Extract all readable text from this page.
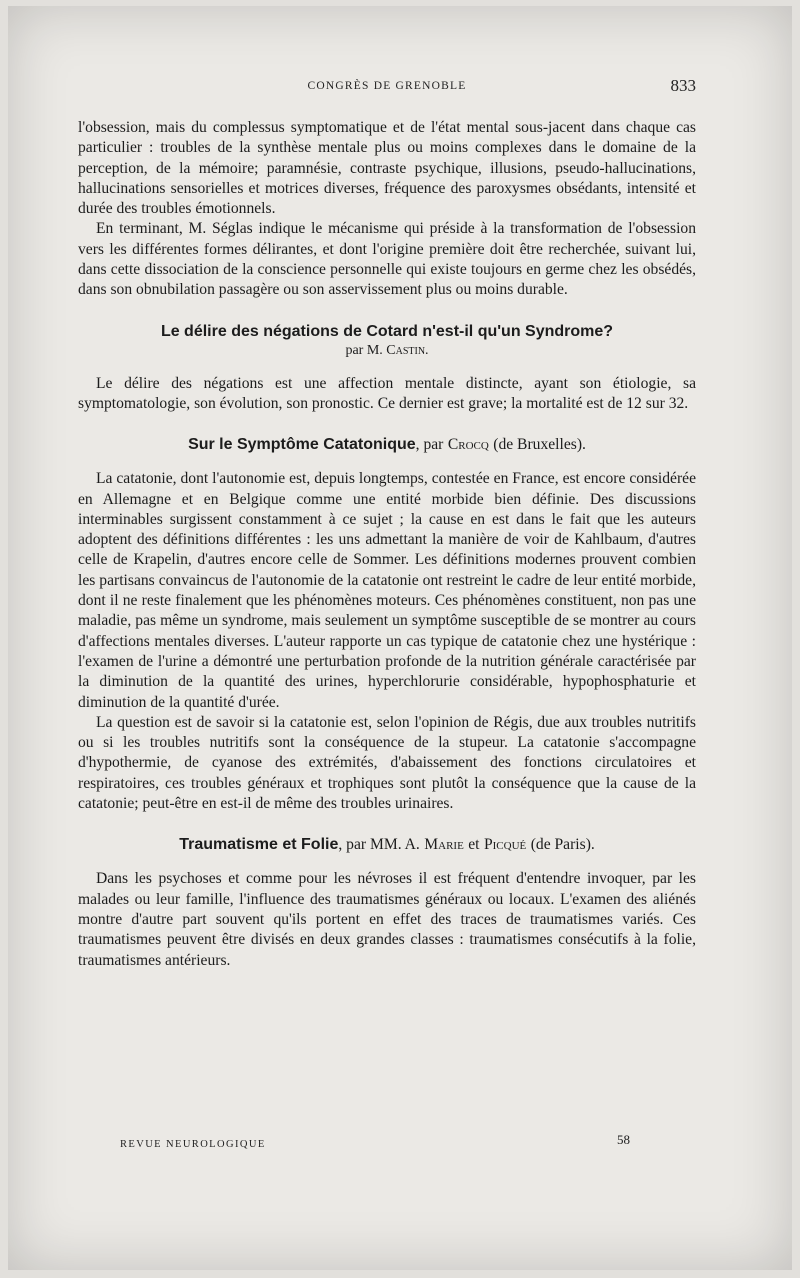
CONGRÈS DE GRENOBLE	833

l'obsession, mais du complessus symptomatique et de l'état mental sous-jacent dans chaque cas particulier : troubles de la synthèse mentale plus ou moins complexes dans le domaine de la perception, de la mémoire; paramnésie, contraste psychique, illusions, pseudo-hallucinations, hallucinations sensorielles et motrices diverses, fréquence des paroxysmes obsédants, intensité et durée des troubles émotionnels.

En terminant, M. Séglas indique le mécanisme qui préside à la transformation de l'obsession vers les différentes formes délirantes, et dont l'origine première doit être recherchée, suivant lui, dans cette dissociation de la conscience personnelle qui existe toujours en germe chez les obsédés, dans son obnubilation passagère ou son asservissement plus ou moins durable.

Le délire des négations de Cotard n'est-il qu'un Syndrome?
par M. Castin.

Le délire des négations est une affection mentale distincte, ayant son étiologie, sa symptomatologie, son évolution, son pronostic. Ce dernier est grave; la mortalité est de 12 sur 32.

Sur le Symptôme Catatonique, par Crocq (de Bruxelles).

La catatonie, dont l'autonomie est, depuis longtemps, contestée en France, est encore considérée en Allemagne et en Belgique comme une entité morbide bien définie. Des discussions interminables surgissent constamment à ce sujet ; la cause en est dans le fait que les auteurs adoptent des définitions différentes : les uns admettant la manière de voir de Kahlbaum, d'autres celle de Krapelin, d'autres encore celle de Sommer. Les définitions modernes prouvent combien les partisans convaincus de l'autonomie de la catatonie ont restreint le cadre de leur entité morbide, dont il ne reste finalement que les phénomènes moteurs. Ces phénomènes constituent, non pas une maladie, pas même un syndrome, mais seulement un symptôme susceptible de se montrer au cours d'affections mentales diverses. L'auteur rapporte un cas typique de catatonie chez une hystérique : l'examen de l'urine a démontré une perturbation profonde de la nutrition générale caractérisée par la diminution de la quantité des urines, hyperchlorurie considérable, hypophosphaturie et diminution de la quantité d'urée.

La question est de savoir si la catatonie est, selon l'opinion de Régis, due aux troubles nutritifs ou si les troubles nutritifs sont la conséquence de la stupeur. La catatonie s'accompagne d'hypothermie, de cyanose des extrémités, d'abaissement des fonctions circulatoires et respiratoires, ces troubles généraux et trophiques sont plutôt la conséquence que la cause de la catatonie; peut-être en est-il de même des troubles urinaires.

Traumatisme et Folie, par MM. A. Marie et Picqué (de Paris).

Dans les psychoses et comme pour les névroses il est fréquent d'entendre invoquer, par les malades ou leur famille, l'influence des traumatismes généraux ou locaux. L'examen des aliénés montre d'autre part souvent qu'ils portent en effet des traces de traumatismes variés. Ces traumatismes peuvent être divisés en deux grandes classes : traumatismes consécutifs à la folie, traumatismes antérieurs.

REVUE NEUROLOGIQUE	58
